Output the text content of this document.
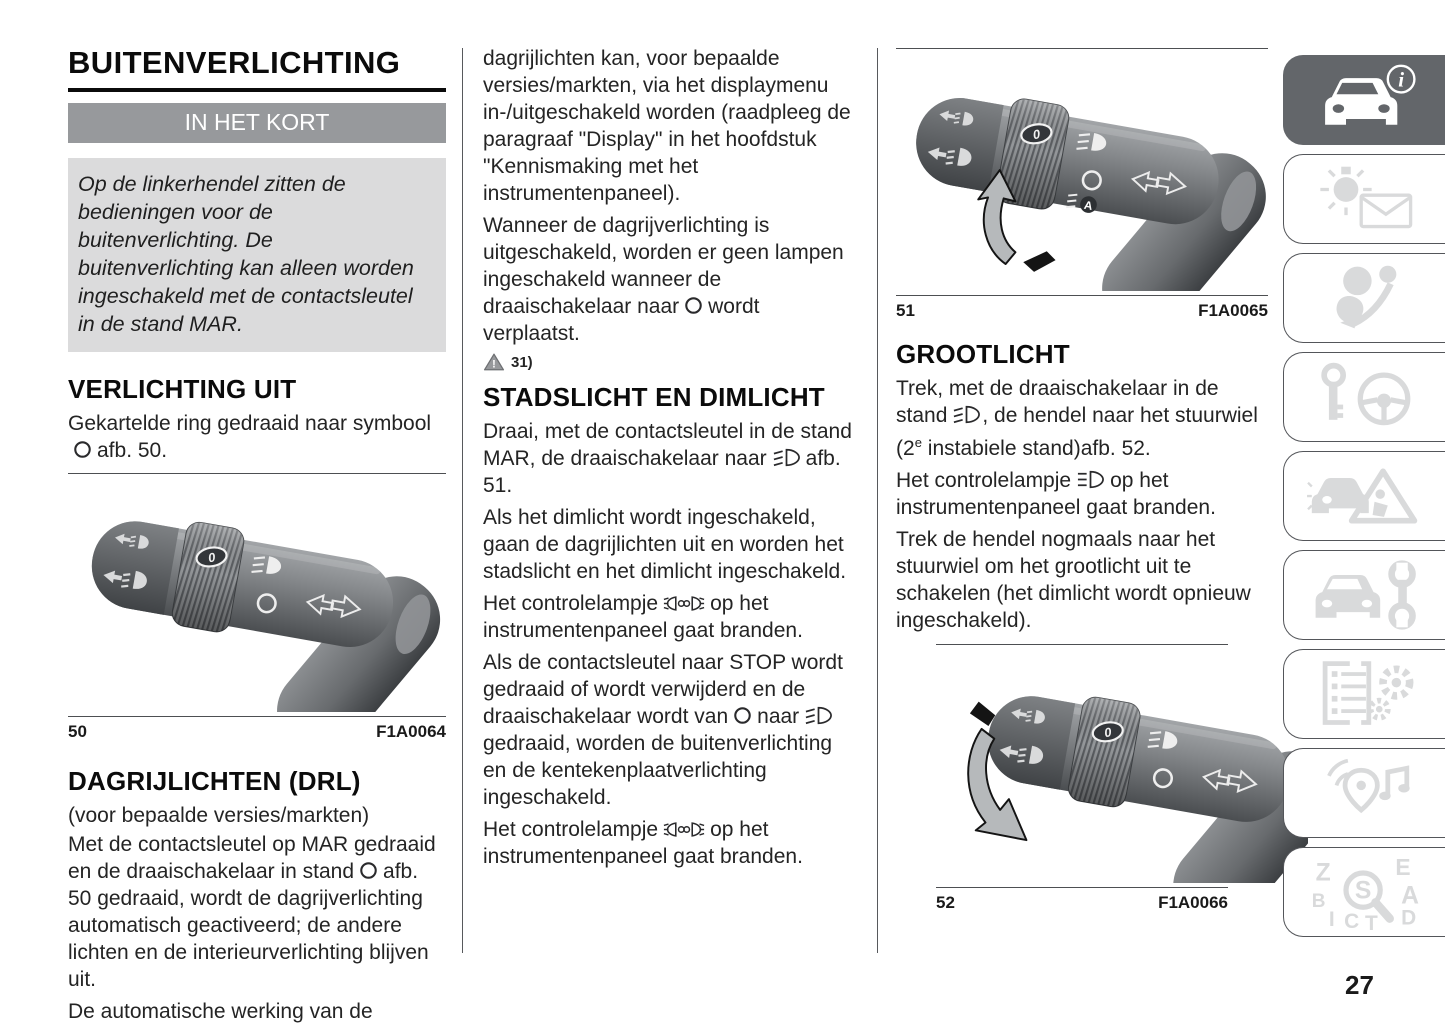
BUITENVERLICHTING
IN HET KORT
Op de linkerhendel zitten de bedieningen voor de buitenverlichting. De buitenverlichting kan alleen worden ingeschakeld met de contactsleutel in de stand MAR.
VERLICHTING UIT

Gekartelde ring gedraaid naar symboolafb. 50.

50	F1A0064
DAGRIJLICHTEN (DRL)

(voor bepaalde versies/markten)

Met de contactsleutel op MAR gedraaid en de draaischakelaar in stand afb. 50 gedraaid, wordt de dagrijverlichting automatisch geactiveerd; de andere lichten en de interieurverlichting blijven uit.

De automatische werking van de

dagrijlichten kan, voor bepaalde versies/markten, via het displaymenu in-/uitgeschakeld worden (raadpleeg de paragraaf "Display" in het hoofdstuk "Kennismaking met het instrumentenpaneel).

Wanneer de dagrijverlichting is uitgeschakeld, worden er geen lampen ingeschakeld wanneer de draaischakelaar naar wordt verplaatst.

! 31)
STADSLICHT EN DIMLICHT

Draai, met de contactsleutel in de stand MAR, de draaischakelaar naar afb. 51.

Als het dimlicht wordt ingeschakeld, gaan de dagrijlichten uit en worden het stadslicht en het dimlicht ingeschakeld.

Het controlelampje op het instrumentenpaneel gaat branden.

Als de contactsleutel naar STOP wordt gedraaid of wordt verwijderd en de draaischakelaar wordt van naargedraaid, worden de buitenverlichting en de kentekenplaatverlichting ingeschakeld.

Het controlelampje op het instrumentenpaneel gaat branden.

51	F1A0065
GROOTLICHT

Trek, met de draaischakelaar in de stand , de hendel naar het stuurwiel (2e instabiele stand)afb. 52.

Het controlelampje op het instrumentenpaneel gaat branden.

Trek de hendel nogmaals naar het stuurwiel om het grootlicht uit te schakelen (het dimlicht wordt opnieuw ingeschakeld).

52	F1A0066
i
Z	E
B	A
I C T D
S
27
